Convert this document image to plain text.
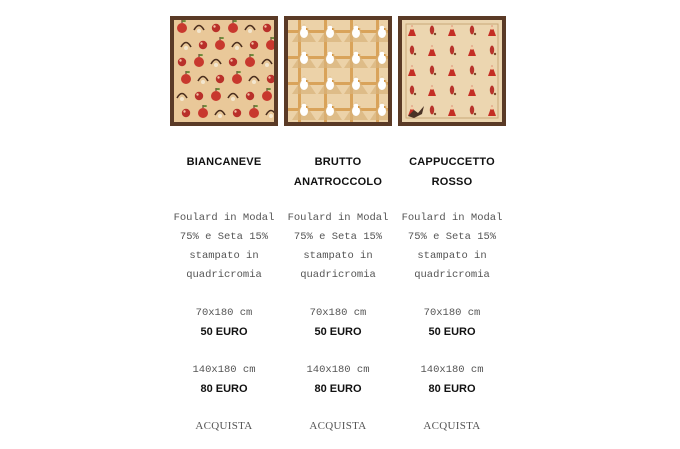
BIANCANEVE
Foulard in Modal
75% e Seta 15%
stampato in
quadricromia
70x180 cm
50 EURO
140x180 cm
80 EURO
ACQUISTA
BRUTTO
ANATROCCOLO
Foulard in Modal
75% e Seta 15%
stampato in
quadricromia
70x180 cm
50 EURO
140x180 cm
80 EURO
ACQUISTA
CAPPUCCETTO
ROSSO
Foulard in Modal
75% e Seta 15%
stampato in
quadricromia
70x180 cm
50 EURO
140x180 cm
80 EURO
ACQUISTA
